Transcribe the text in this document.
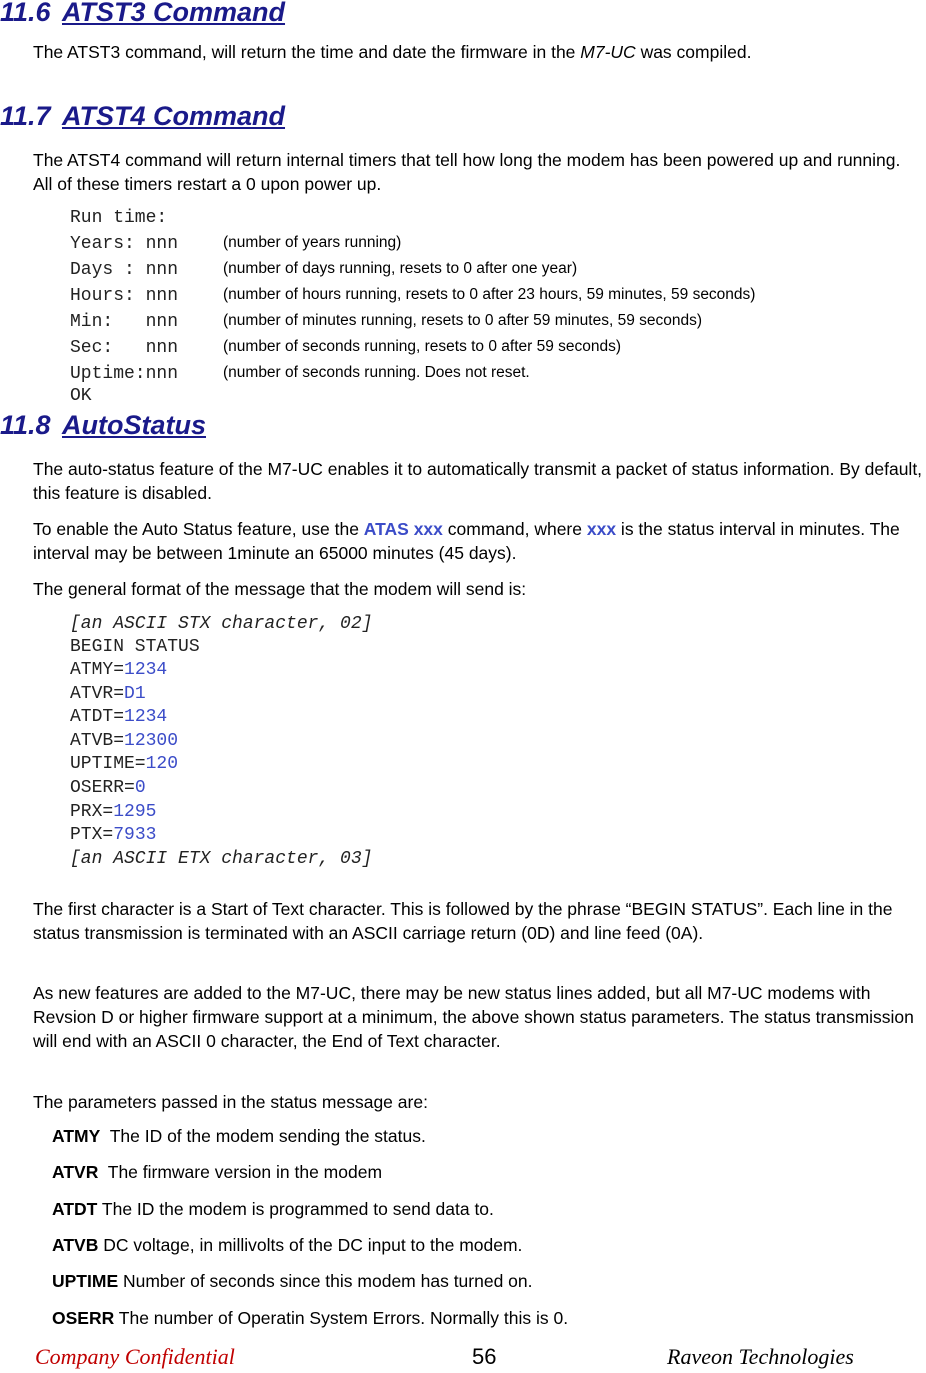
11.6 ATST3 Command
The ATST3 command, will return the time and date the firmware in the M7-UC was compiled.
11.7 ATST4 Command
The ATST4 command will return internal timers that tell how long the modem has been powered up and running. All of these timers restart a 0 upon power up.
Run time:
Years: nnn	(number of years running)
Days : nnn	(number of days running, resets to 0 after one year)
Hours: nnn	(number of hours running, resets to 0 after 23 hours, 59 minutes, 59 seconds)
Min:   nnn	(number of minutes running, resets to 0 after 59 minutes, 59 seconds)
Sec:   nnn	(number of seconds running, resets to 0 after 59 seconds)
Uptime:nnn	(number of seconds running. Does not reset.
OK
11.8 AutoStatus
The auto-status feature of the M7-UC enables it to automatically transmit a packet of status information. By default, this feature is disabled.
To enable the Auto Status feature, use the ATAS xxx command, where xxx is the status interval in minutes. The interval may be between 1minute an 65000 minutes (45 days).
The general format of the message that the modem will send is:
[an ASCII STX character, 02]
BEGIN STATUS
ATMY=1234
ATVR=D1
ATDT=1234
ATVB=12300
UPTIME=120
OSERR=0
PRX=1295
PTX=7933
[an ASCII ETX character, 03]
The first character is a Start of Text character. This is followed by the phrase “BEGIN STATUS”. Each line in the status transmission is terminated with an ASCII carriage return (0D) and line feed (0A).
As new features are added to the M7-UC, there may be new status lines added, but all M7-UC modems with Revsion D or higher firmware support at a minimum, the above shown status parameters. The status transmission will end with an ASCII 0 character, the End of Text character.
The parameters passed in the status message are:
ATMY  The ID of the modem sending the status.
ATVR  The firmware version in the modem
ATDT The ID the modem is programmed to send data to.
ATVB DC voltage, in millivolts of the DC input to the modem.
UPTIME Number of seconds since this modem has turned on.
OSERR The number of Operatin System Errors. Normally this is 0.
Company Confidential	56	Raveon Technologies
